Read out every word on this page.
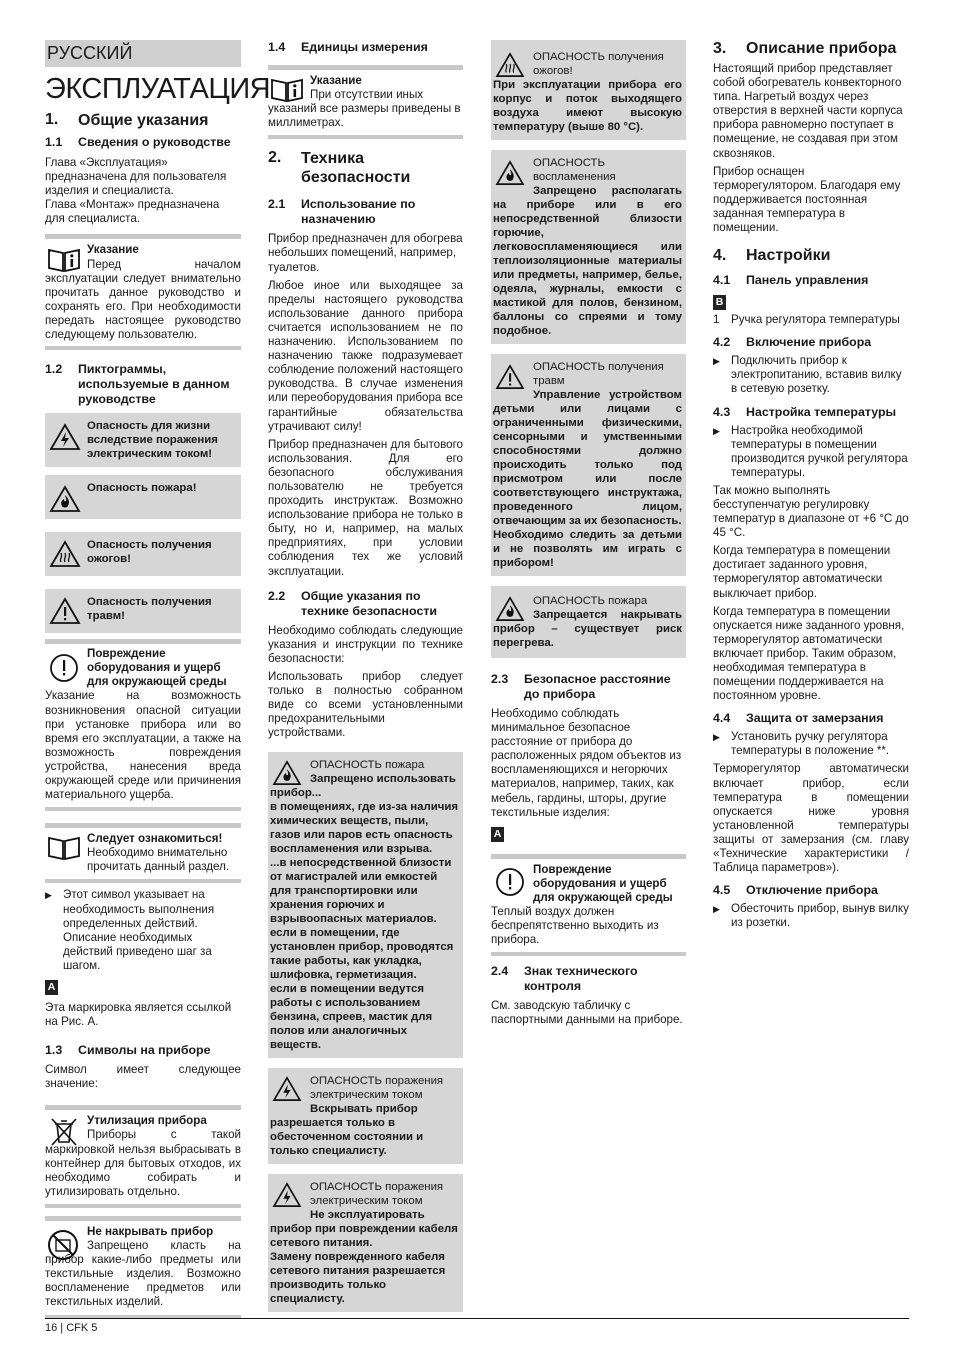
РУССКИЙ
ЭКСПЛУАТАЦИЯ
1.	Общие указания
1.1	Сведения о руководстве

Глава «Эксплуатация» предназначена для пользователя изделия и специалиста.

Глава «Монтаж» предназначена для специалиста.

Указание

Перед началом эксплуатации следует внимательно прочитать данное руководство и сохранять его. При необходимости передать настоящее руководство следующему пользователю.

1.2	Пиктограммы, используемые в данном руководстве
Опасность для жизни вследствие поражения электрическим током!
Опасность пожара!
Опасность получения ожогов!
Опасность получения травм!

Повреждение оборудования и ущерб для окружающей среды

Указание на возможность возникновения опасной ситуации при установке прибора или во время его эксплуатации, а также на возможность повреждения устройства, нанесения вреда окружающей среде или причинения материального ущерба.

Следует ознакомиться!

Необходимо внимательно прочитать данный раздел.

▶ Этот символ указывает на необходимость выполнения определенных действий. Описание необходимых действий приведено шаг за шагом.
A

Эта маркировка является ссылкой на Рис. A.

1.3	Символы на приборе

Символ имеет следующее значение:

Утилизация прибора

Приборы с такой маркировкой нельзя выбрасывать в контейнер для бытовых отходов, их необходимо собирать и утилизировать отдельно.

Не накрывать прибор

Запрещено класть на прибор какие-либо предметы или текстильные изделия. Возможно воспламенение предметов или текстильных изделий.

1.4	Единицы измерения

Указание

При отсутствии иных указаний все размеры приведены в миллиметрах.

2.	Техника безопасности
2.1	Использование по назначению

Прибор предназначен для обогрева небольших помещений, например, туалетов.

Любое иное или выходящее за пределы настоящего руководства использование данного прибора считается использованием не по назначению. Использованием по назначению также подразумевает соблюдение положений настоящего руководства. В случае изменения или переоборудования прибора все гарантийные обязательства утрачивают силу!

Прибор предназначен для бытового использования. Для его безопасного обслуживания пользователю не требуется проходить инструктаж. Возможно использование прибора не только в быту, но и, например, на малых предприятиях, при условии соблюдения тех же условий эксплуатации.

2.2	Общие указания по технике безопасности

Необходимо соблюдать следующие указания и инструкции по технике безопасности:

Использовать прибор следует только в полностью собранном виде со всеми установленными предохранительными устройствами.

ОПАСНОСТЬ пожара
Запрещено использовать прибор...
в помещениях, где из-за наличия химических веществ, пыли, газов или паров есть опасность воспламенения или взрыва.
...в непосредственной близости от магистралей или емкостей для транспортировки или хранения горючих и взрывоопасных материалов.
если в помещении, где установлен прибор, проводятся такие работы, как укладка, шлифовка, герметизация.
если в помещении ведутся работы с использованием бензина, спреев, мастик для полов или аналогичных веществ.
ОПАСНОСТЬ поражения электрическим током
Вскрывать прибор разрешается только в обесточенном состоянии и только специалисту.
ОПАСНОСТЬ поражения электрическим током
Не эксплуатировать прибор при повреждении кабеля сетевого питания.
Замену поврежденного кабеля сетевого питания разрешается производить только специалисту.
ОПАСНОСТЬ получения ожогов!
При эксплуатации прибора его корпус и поток выходящего воздуха имеют высокую температуру (выше 80 °C).
ОПАСНОСТЬ воспламенения
Запрещено располагать на приборе или в его непосредственной близости горючие, легковоспламеняющиеся или теплоизоляционные материалы или предметы, например, белье, одеяла, журналы, емкости с мастикой для полов, бензином, баллоны со спреями и тому подобное.
ОПАСНОСТЬ получения травм
Управление устройством детьми или лицами с ограниченными физическими, сенсорными и умственными способностями должно происходить только под присмотром или после соответствующего инструктажа, проведенного лицом, отвечающим за их безопасность.
Необходимо следить за детьми и не позволять им играть с прибором!
ОПАСНОСТЬ пожара
Запрещается накрывать прибор – существует риск перегрева.
2.3	Безопасное расстояние до прибора

Необходимо соблюдать минимальное безопасное расстояние от прибора до расположенных рядом объектов из воспламеняющихся и негорючих материалов, например, таких, как мебель, гардины, шторы, другие текстильные изделия:

A

Повреждение оборудования и ущерб для окружающей среды

Теплый воздух должен беспрепятственно выходить из прибора.

2.4	Знак технического контроля

См. заводскую табличку с паспортными данными на приборе.

3.	Описание прибора

Настоящий прибор представляет собой обогреватель конвекторного типа. Нагретый воздух через отверстия в верхней части корпуса прибора равномерно поступает в помещение, не создавая при этом сквозняков.

Прибор оснащен терморегулятором. Благодаря ему поддерживается постоянная заданная температура в помещении.

4.	Настройки
4.1	Панель управления
B
1 Ручка регулятора температуры
4.2	Включение прибора
▶ Подключить прибор к электропитанию, вставив вилку в сетевую розетку.
4.3	Настройка температуры
▶ Настройка необходимой температуры в помещении производится ручкой регулятора температуры.

Так можно выполнять бесступенчатую регулировку температур в диапазоне от +6 °C до 45 °C.

Когда температура в помещении достигает заданного уровня, терморегулятор автоматически выключает прибор.

Когда температура в помещении опускается ниже заданного уровня, терморегулятор автоматически включает прибор. Таким образом, необходимая температура в помещении поддерживается на постоянном уровне.

4.4	Защита от замерзания
▶ Установить ручку регулятора температуры в положение **.

Терморегулятор автоматически включает прибор, если температура в помещении опускается ниже уровня установленной температуры защиты от замерзания (см. главу «Технические характеристики / Таблица параметров»).

4.5	Отключение прибора
▶ Обесточить прибор, вынув вилку из розетки.
16 | CFK 5
